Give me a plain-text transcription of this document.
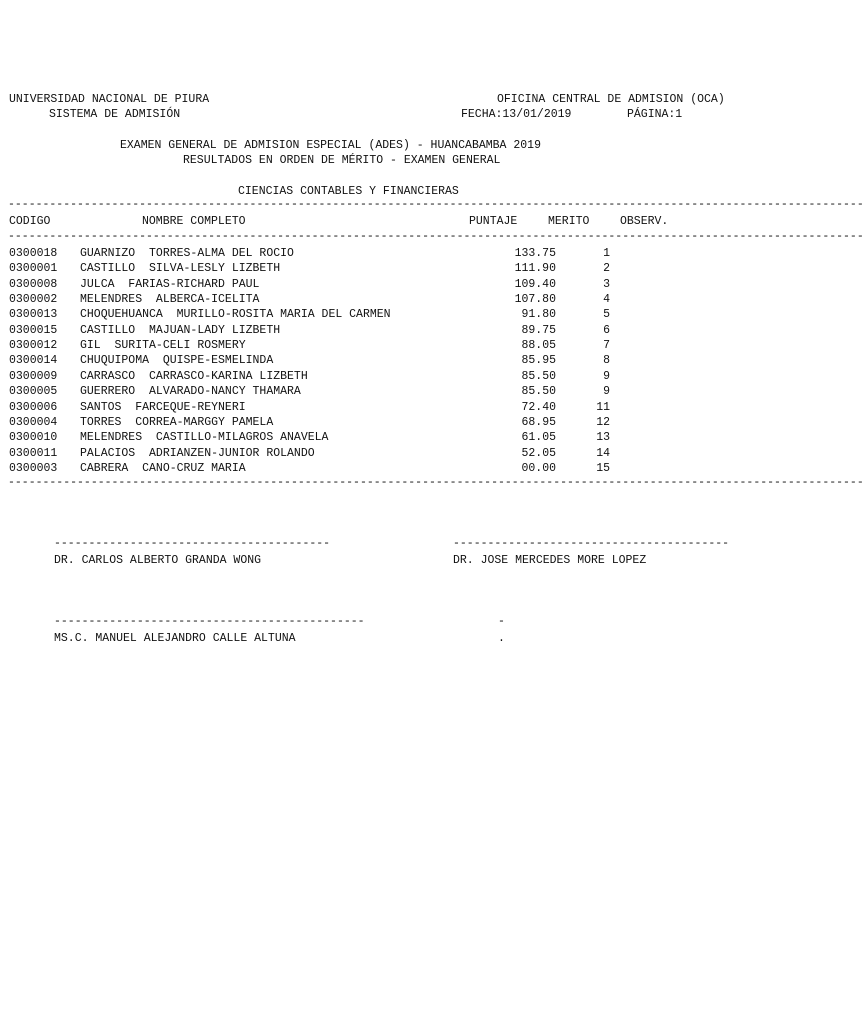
UNIVERSIDAD NACIONAL DE PIURA
SISTEMA DE ADMISIÓN
OFICINA CENTRAL DE ADMISION (OCA)
FECHA:13/01/2019	PÁGINA:1
EXAMEN GENERAL DE ADMISION ESPECIAL (ADES) - HUANCABAMBA 2019
RESULTADOS EN ORDEN DE MÉRITO - EXAMEN GENERAL
CIENCIAS CONTABLES Y FINANCIERAS
----------------------------------------------------------------------------------------------------------------------------
CODIGO	NOMBRE COMPLETO	PUNTAJE	MERITO	OBSERV.
----------------------------------------------------------------------------------------------------------------------------
0300018 GUARNIZO  TORRES-ALMA DEL ROCIO	133.75	1
0300001 CASTILLO  SILVA-LESLY LIZBETH	111.90	2
0300008 JULCA  FARIAS-RICHARD PAUL	109.40	3
0300002 MELENDRES  ALBERCA-ICELITA	107.80	4
0300013 CHOQUEHUANCA  MURILLO-ROSITA MARIA DEL CARMEN	91.80	5
0300015 CASTILLO  MAJUAN-LADY LIZBETH	89.75	6
0300012 GIL  SURITA-CELI ROSMERY	88.05	7
0300014 CHUQUIPOMA  QUISPE-ESMELINDA	85.95	8
0300009 CARRASCO  CARRASCO-KARINA LIZBETH	85.50	9
0300005 GUERRERO  ALVARADO-NANCY THAMARA	85.50	9
0300006 SANTOS  FARCEQUE-REYNERI	72.40	11
0300004 TORRES  CORREA-MARGGY PAMELA	68.95	12
0300010 MELENDRES  CASTILLO-MILAGROS ANAVELA	61.05	13
0300011 PALACIOS  ADRIANZEN-JUNIOR ROLANDO	52.05	14
0300003 CABRERA  CANO-CRUZ MARIA	00.00	15
----------------------------------------------------------------------------------------------------------------------------
----------------------------------------
DR. CARLOS ALBERTO GRANDA WONG
----------------------------------------
DR. JOSE MERCEDES MORE LOPEZ
---------------------------------------------
MS.C. MANUEL ALEJANDRO CALLE ALTUNA
-
.
